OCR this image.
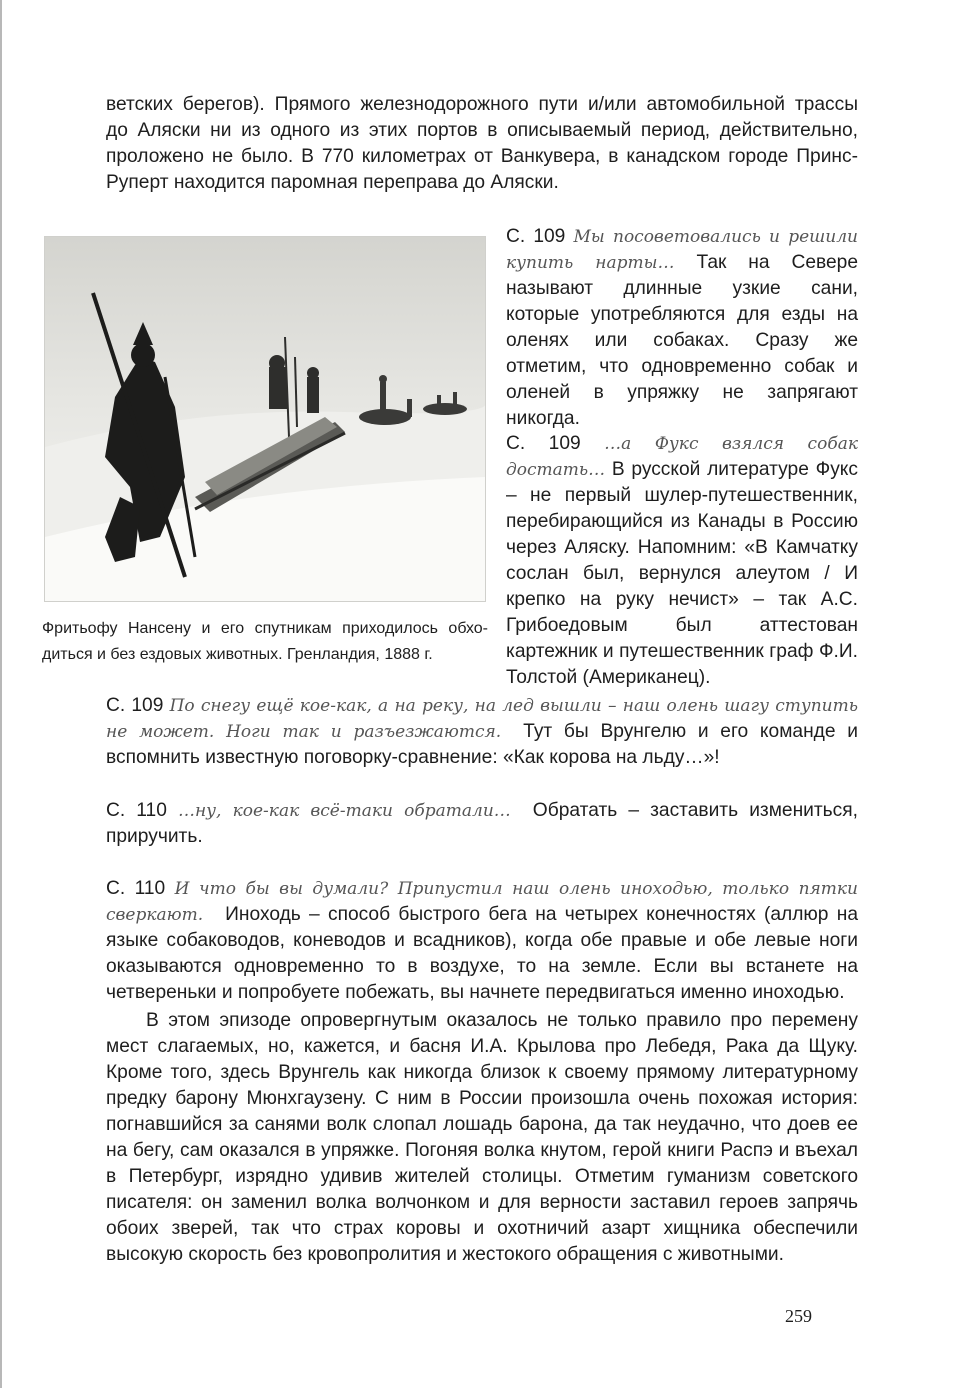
ветских берегов). Прямого железнодорожного пути и/или автомобильной трассы
до Аляски ни из одного из этих портов в описываемый период, действительно,
проложено не было. В 770 километрах от Ванкувера, в канадском городе Принс-
Руперт находится паромная переправа до Аляски.

Фритьофу Нансену и его спутникам приходилось обхо-диться и без ездовых животных. Гренландия, 1888 г.

С. 109 Мы посоветовались и решили купить нарты… Так на Севере называют длинные узкие сани, которые употребляются для езды на оленях или собаках. Сразу же отметим, что одновременно собак и оленей в упряжку не запрягают никогда.
С. 109 …а Фукс взялся собак достать… В русской литературе Фукс – не первый шулер-путешественник, перебирающийся из Канады в Россию через Аляску. Напомним: «В Камчатку сослан был, вернулся алеутом / И крепко на руку нечист» – так А.С. Грибоедовым был аттестован картежник и путешественник граф Ф.И. Толстой (Американец).
С. 109 По снегу ещё кое-как, а на реку, на лед вышли – наш олень шагу ступить не может. Ноги так и разъезжаются. Тут бы Врунгелю и его команде и вспомнить известную поговорку-сравнение: «Как корова на льду…»!
С. 110 …ну, кое-как всё-таки обратали… Обратать – заставить измениться, приручить.
С. 110 И что бы вы думали? Припустил наш олень иноходью, только пятки сверкают. Иноходь – способ быстрого бега на четырех конечностях (аллюр на языке собаководов, коневодов и всадников), когда обе правые и обе левые ноги оказываются одновременно то в воздухе, то на земле. Если вы встанете на четвереньки и попробуете побежать, вы начнете передвигаться именно иноходью.
В этом эпизоде опровергнутым оказалось не только правило про перемену мест слагаемых, но, кажется, и басня И.А. Крылова про Лебедя, Рака да Щуку. Кроме того, здесь Врунгель как никогда близок к своему прямому литературному предку барону Мюнхгаузену. С ним в России произошла очень похожая история: погнавшийся за санями волк слопал лошадь барона, да так неудачно, что доев ее на бегу, сам оказался в упряжке. Погоняя волка кнутом, герой книги Распэ и въехал в Петербург, изрядно удивив жителей столицы. Отметим гуманизм советского писателя: он заменил волка волчонком и для верности заставил героев запрячь обоих зверей, так что страх коровы и охотничий азарт хищника обеспечили высокую скорость без кровопролития и жестокого обращения с животными.
259
